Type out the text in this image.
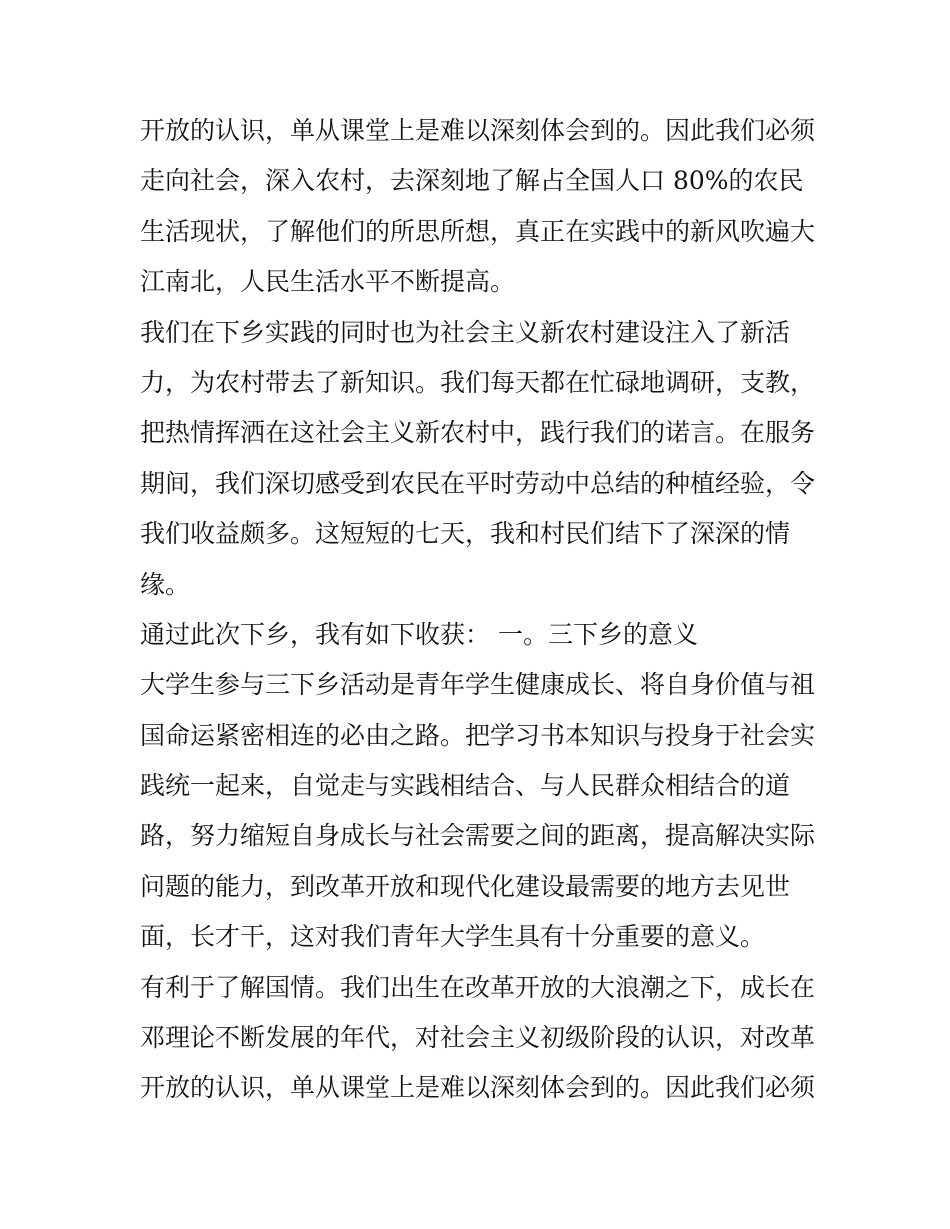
开放的认识，单从课堂上是难以深刻体会到的。因此我们必须
走向社会，深入农村，去深刻地了解占全国人口 80%的农民
生活现状，了解他们的所思所想，真正在实践中的新风吹遍大
江南北，人民生活水平不断提高。
我们在下乡实践的同时也为社会主义新农村建设注入了新活
力，为农村带去了新知识。我们每天都在忙碌地调研，支教，
把热情挥洒在这社会主义新农村中，践行我们的诺言。在服务
期间，我们深切感受到农民在平时劳动中总结的种植经验，令
我们收益颇多。这短短的七天，我和村民们结下了深深的情
缘。
通过此次下乡，我有如下收获： 一。三下乡的意义
大学生参与三下乡活动是青年学生健康成长、将自身价值与祖
国命运紧密相连的必由之路。把学习书本知识与投身于社会实
践统一起来，自觉走与实践相结合、与人民群众相结合的道
路，努力缩短自身成长与社会需要之间的距离，提高解决实际
问题的能力，到改革开放和现代化建设最需要的地方去见世
面，长才干，这对我们青年大学生具有十分重要的意义。
有利于了解国情。我们出生在改革开放的大浪潮之下，成长在
邓理论不断发展的年代，对社会主义初级阶段的认识，对改革
开放的认识，单从课堂上是难以深刻体会到的。因此我们必须
